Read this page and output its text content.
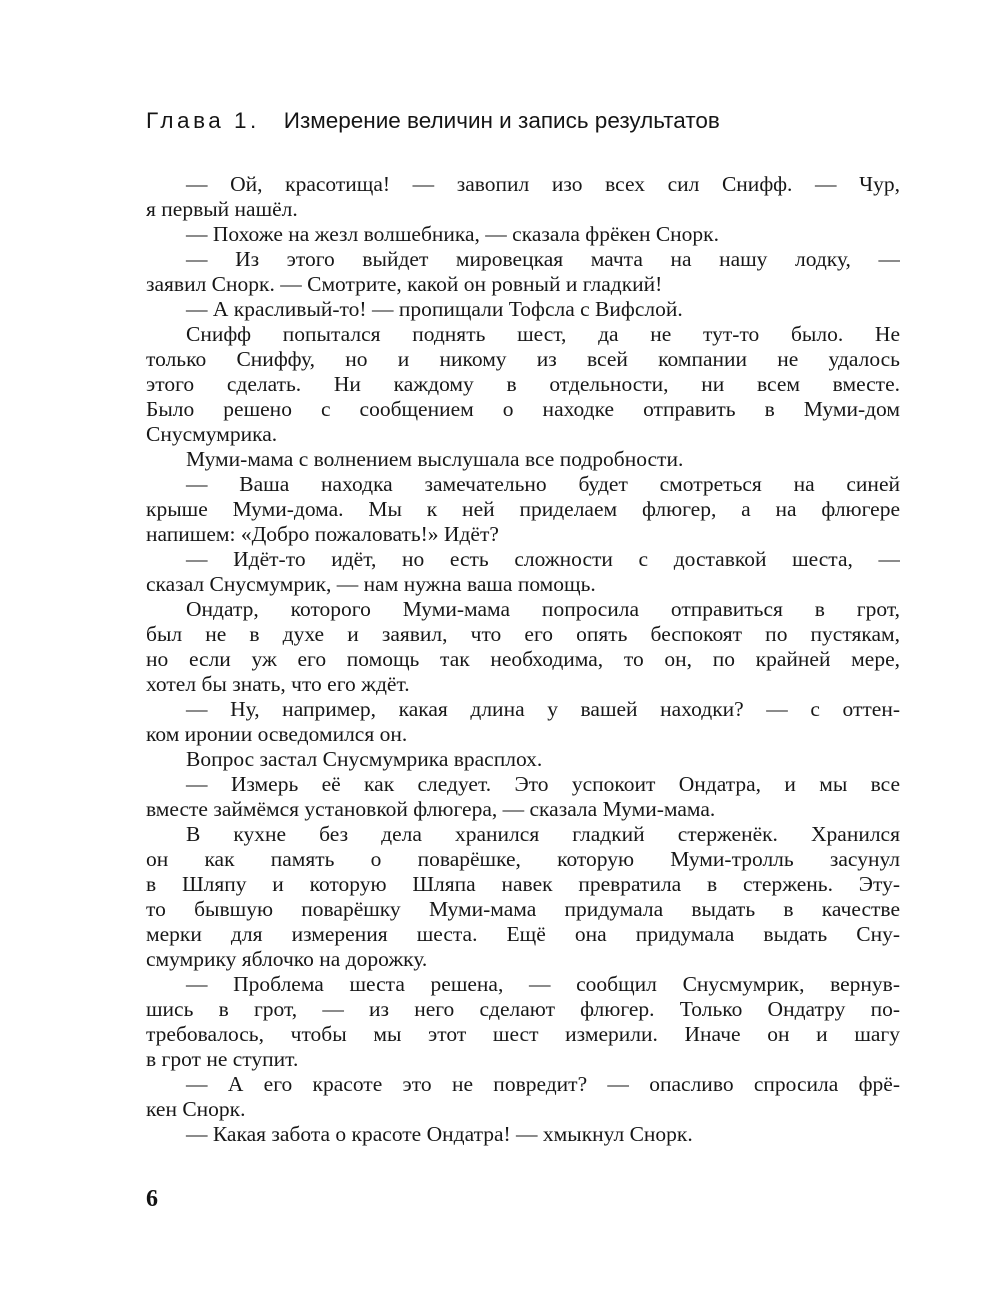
Глава 1. Измерение величин и запись результатов

— Ой, красотища! — завопил изо всех сил Снифф. — Чур,
я первый нашёл.

— Похоже на жезл волшебника, — сказала фрёкен Снорк.

— Из этого выйдет мировецкая мачта на нашу лодку, —
заявил Снорк. — Смотрите, какой он ровный и гладкий!

— А красливый-то! — пропищали Тофсла с Вифслой.

Снифф попытался поднять шест, да не тут-то было. Не
только Сниффу, но и никому из всей компании не удалось
этого сделать. Ни каждому в отдельности, ни всем вместе.
Было решено с сообщением о находке отправить в Муми-дом
Снусмумрика.

Муми-мама с волнением выслушала все подробности.

— Ваша находка замечательно будет смотреться на синей
крыше Муми-дома. Мы к ней приделаем флюгер, а на флюгере
напишем: «Добро пожаловать!» Идёт?

— Идёт-то идёт, но есть сложности с доставкой шеста, —
сказал Снусмумрик, — нам нужна ваша помощь.

Ондатр, которого Муми-мама попросила отправиться в грот,
был не в духе и заявил, что его опять беспокоят по пустякам,
но если уж его помощь так необходима, то он, по крайней мере,
хотел бы знать, что его ждёт.

— Ну, например, какая длина у вашей находки? — с оттен-
ком иронии осведомился он.

Вопрос застал Снусмумрика врасплох.

— Измерь её как следует. Это успокоит Ондатра, и мы все
вместе займёмся установкой флюгера, — сказала Муми-мама.

В кухне без дела хранился гладкий стерженёк. Хранился
он как память о поварёшке, которую Муми-тролль засунул
в Шляпу и которую Шляпа навек превратила в стержень. Эту-
то бывшую поварёшку Муми-мама придумала выдать в качестве
мерки для измерения шеста. Ещё она придумала выдать Сну-
смумрику яблочко на дорожку.

— Проблема шеста решена, — сообщил Снусмумрик, вернув-
шись в грот, — из него сделают флюгер. Только Ондатру по-
требовалось, чтобы мы этот шест измерили. Иначе он и шагу
в грот не ступит.

— А его красоте это не повредит? — опасливо спросила фрё-
кен Снорк.

— Какая забота о красоте Ондатра! — хмыкнул Снорк.

6
